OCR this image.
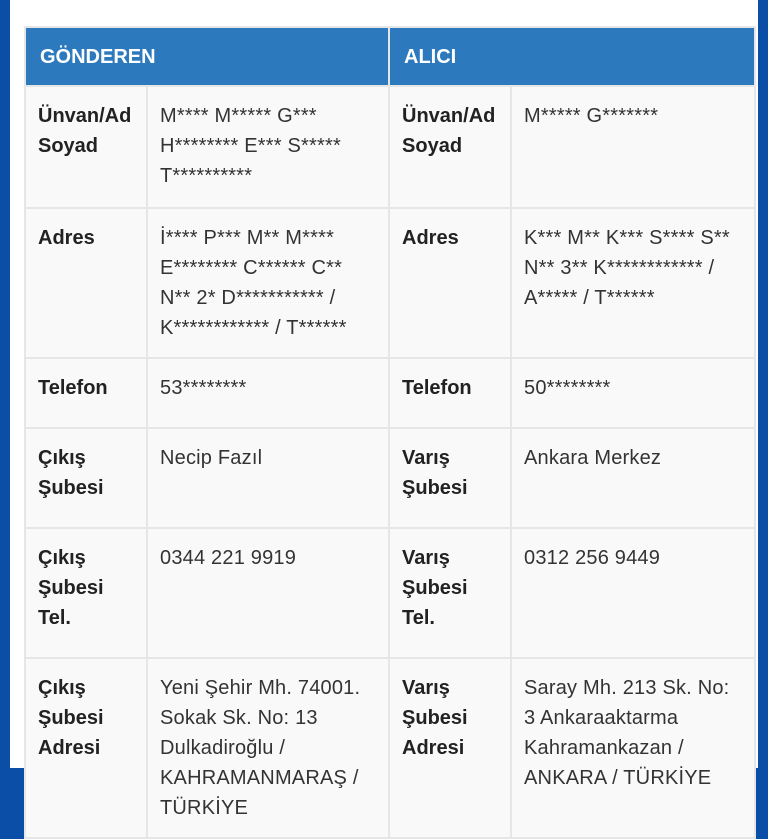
GÖNDEREN		ALICI	
Ünvan/Ad Soyad	M**** M***** G*** H******** E*** S***** T**********	Ünvan/Ad Soyad	M***** G*******
Adres	İ**** P*** M** M**** E******** C****** C** N** 2* D*********** / K************ / T******	Adres	K*** M** K*** S**** S** N** 3** K************ / A***** / T******
Telefon	53********	Telefon	50********
Çıkış Şubesi	Necip Fazıl	Varış Şubesi	Ankara Merkez
Çıkış Şubesi Tel.	0344 221 9919	Varış Şubesi Tel.	0312 256 9449
Çıkış Şubesi Adresi	Yeni Şehir Mh. 74001. Sokak Sk. No: 13 Dulkadiroğlu / KAHRAMANMARAŞ / TÜRKİYE	Varış Şubesi Adresi	Saray Mh. 213 Sk. No: 3 Ankaraaktarma Kahramankazan / ANKARA / TÜRKİYE
